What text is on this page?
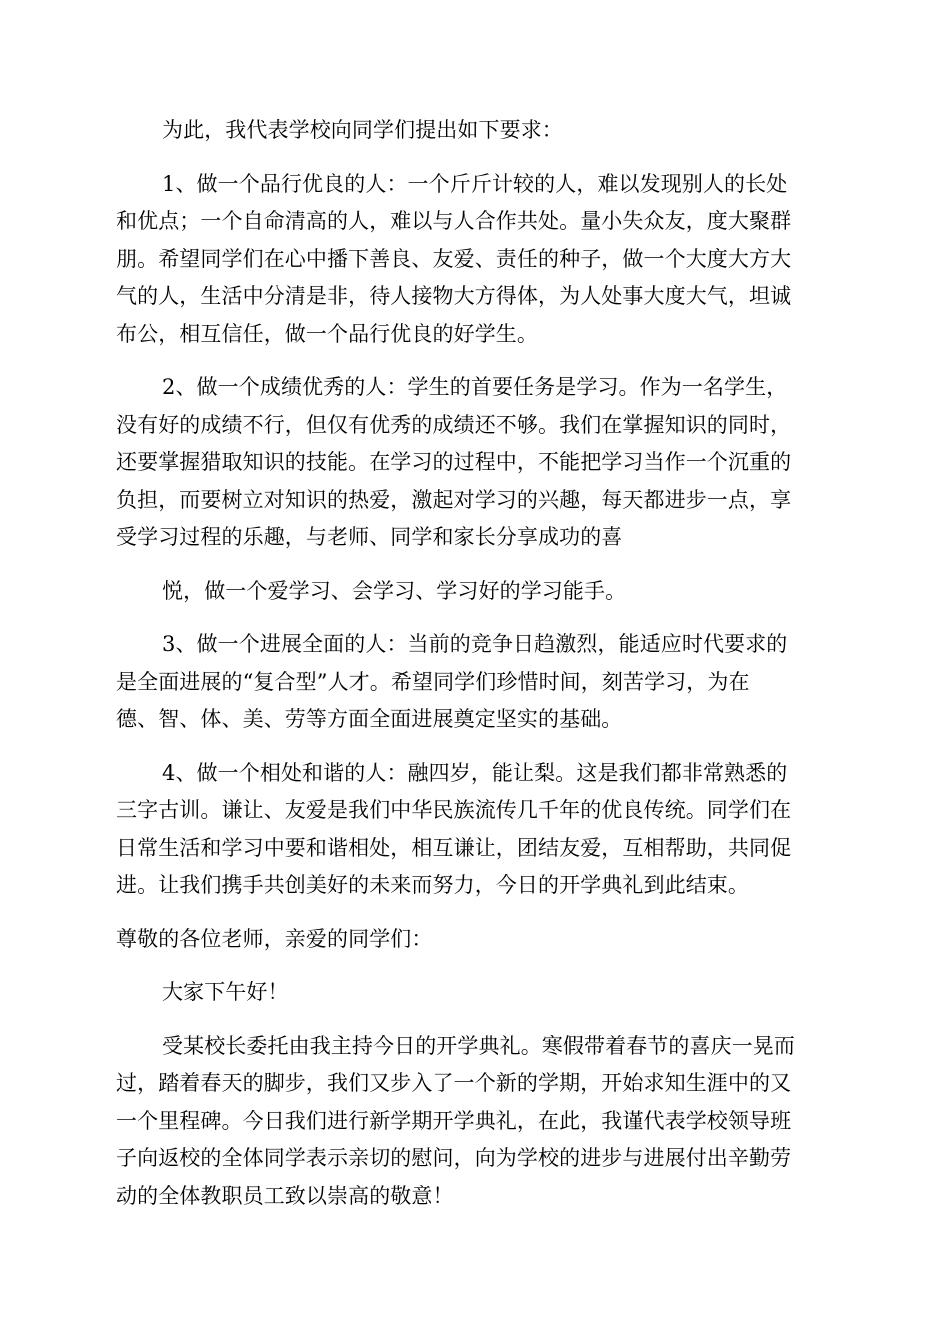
为此，我代表学校向同学们提出如下要求：
1、做一个品行优良的人：一个斤斤计较的人，难以发现别人的长处
和优点；一个自命清高的人，难以与人合作共处。量小失众友，度大聚群
朋。希望同学们在心中播下善良、友爱、责任的种子，做一个大度大方大
气的人，生活中分清是非，待人接物大方得体，为人处事大度大气，坦诚
布公，相互信任，做一个品行优良的好学生。
2、做一个成绩优秀的人：学生的首要任务是学习。作为一名学生，
没有好的成绩不行，但仅有优秀的成绩还不够。我们在掌握知识的同时，
还要掌握猎取知识的技能。在学习的过程中，不能把学习当作一个沉重的
负担，而要树立对知识的热爱，激起对学习的兴趣，每天都进步一点，享
受学习过程的乐趣，与老师、同学和家长分享成功的喜
悦，做一个爱学习、会学习、学习好的学习能手。
3、做一个进展全面的人：当前的竞争日趋激烈，能适应时代要求的
是全面进展的“复合型”人才。希望同学们珍惜时间，刻苦学习，为在
德、智、体、美、劳等方面全面进展奠定坚实的基础。
4、做一个相处和谐的人：融四岁，能让梨。这是我们都非常熟悉的
三字古训。谦让、友爱是我们中华民族流传几千年的优良传统。同学们在
日常生活和学习中要和谐相处，相互谦让，团结友爱，互相帮助，共同促
进。让我们携手共创美好的未来而努力，今日的开学典礼到此结束。
尊敬的各位老师，亲爱的同学们：
大家下午好！
受某校长委托由我主持今日的开学典礼。寒假带着春节的喜庆一晃而
过，踏着春天的脚步，我们又步入了一个新的学期，开始求知生涯中的又
一个里程碑。今日我们进行新学期开学典礼，在此，我谨代表学校领导班
子向返校的全体同学表示亲切的慰问，向为学校的进步与进展付出辛勤劳
动的全体教职员工致以崇高的敬意！
